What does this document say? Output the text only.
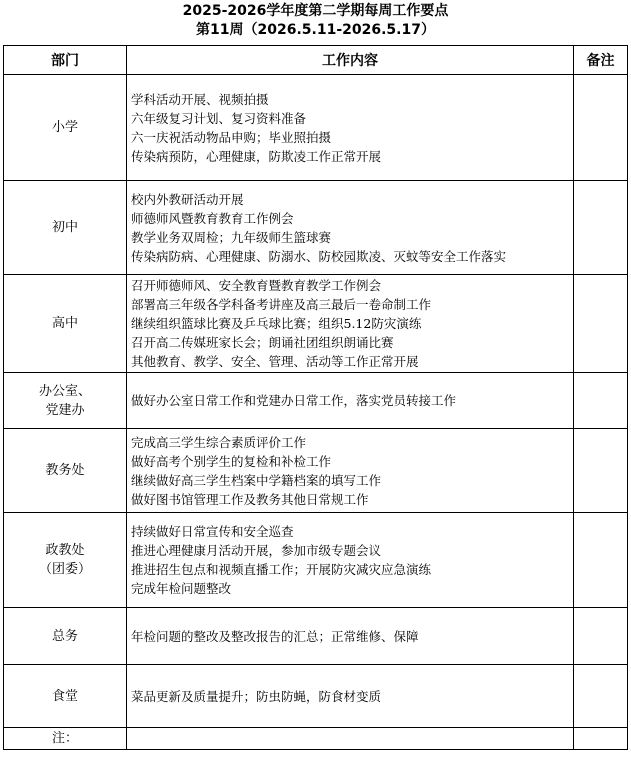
2025-2026学年度第二学期每周工作要点
第11周（2026.5.11-2026.5.17）
部门	工作内容	备注

小学	学科活动开展、视频拍摄
六年级复习计划、复习资料准备
六一庆祝活动物品申购；毕业照拍摄
传染病预防，心理健康，防欺凌工作正常开展	

初中	校内外教研活动开展
师德师风暨教育教育工作例会
教学业务双周检；九年级师生篮球赛
传染病防病、心理健康、防溺水、防校园欺凌、灭蚊等安全工作落实	

高中	召开师德师风、安全教育暨教育教学工作例会
部署高三年级各学科备考讲座及高三最后一卷命制工作
继续组织篮球比赛及乒乓球比赛；组织5.12防灾演练
召开高二传媒班家长会；朗诵社团组织朗诵比赛
其他教育、教学、安全、管理、活动等工作正常开展	

办公室、
党建办	做好办公室日常工作和党建办日常工作，落实党员转接工作	

教务处	完成高三学生综合素质评价工作
做好高考个别学生的复检和补检工作
继续做好高三学生档案中学籍档案的填写工作
做好图书馆管理工作及教务其他日常规工作	

政教处
（团委）	持续做好日常宣传和安全巡查
推进心理健康月活动开展，参加市级专题会议
推进招生包点和视频直播工作；开展防灾减灾应急演练
完成年检问题整改	

总务	年检问题的整改及整改报告的汇总；正常维修、保障	

食堂	菜品更新及质量提升；防虫防蝇，防食材变质	

注：		
